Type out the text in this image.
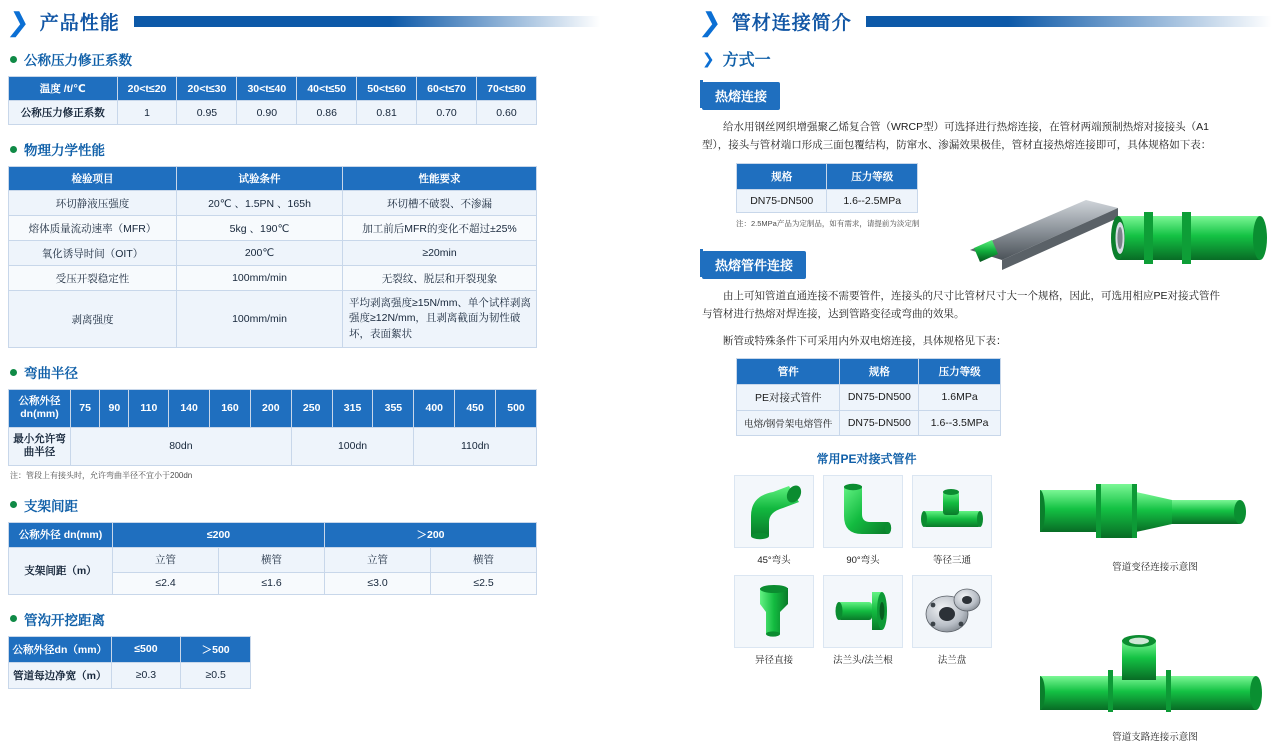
❯ 产品性能
公称压力修正系数
温度 /t/℃	20<t≤20	20<t≤30	30<t≤40	40<t≤50	50<t≤60	60<t≤70	70<t≤80
公称压力修正系数	1	0.95	0.90	0.86	0.81	0.70	0.60
物理力学性能
检验项目	试验条件	性能要求
环切静液压强度	20℃ 、1.5PN 、165h	环切槽不破裂、不渗漏
熔体质量流动速率（MFR）	5kg 、190℃	加工前后MFR的变化不超过±25%
氧化诱导时间（OIT）	200℃	≥20min
受压开裂稳定性	100mm/min	无裂纹、脱层和开裂现象
剥离强度	100mm/min	平均剥离强度≥15N/mm、单个试样剥离强度≥12N/mm，且剥离截面为韧性破坏，表面絮状
弯曲半径
公称外径 dn(mm)	75	90	110	140	160	200	250	315	355	400	450	500
最小允许弯曲半径	80dn						100dn			110dn		
注：管段上有接头时，允许弯曲半径不宜小于200dn
支架间距
公称外径 dn(mm)	≤200		＞200	
支架间距（m）	立管	横管	立管	横管
	≤2.4	≤1.6	≤3.0	≤2.5
管沟开挖距离
公称外径dn（mm）	≤500	＞500
管道每边净宽（m）	≥0.3	≥0.5
❯ 管材连接简介
❯ 方式一
热熔连接
给水用钢丝网织增强聚乙烯复合管（WRCP型）可选择进行热熔连接，在管材两端预制热熔对接接头（A1型），接头与管材端口形成三面包覆结构，防窜水、渗漏效果极佳，管材直接热熔连接即可，具体规格如下表：
规格	压力等级
DN75-DN500	1.6--2.5MPa
注：2.5MPa产品为定制品，如有需求，请提前为淡定制
热熔管件连接
由上可知管道直通连接不需要管件，连接头的尺寸比管材尺寸大一个规格，因此，可选用相应PE对接式管件与管材进行热熔对焊连接，达到管路变径或弯曲的效果。
断管或特殊条件下可采用内外双电熔连接，具体规格见下表：
管件	规格	压力等级
PE对接式管件	DN75-DN500	1.6MPa
电熔/钢骨架电熔管件	DN75-DN500	1.6--3.5MPa
常用PE对接式管件
45°弯头	90°弯头	等径三通
异径直接	法兰头/法兰根	法兰盘
管道变径连接示意图
管道支路连接示意图
